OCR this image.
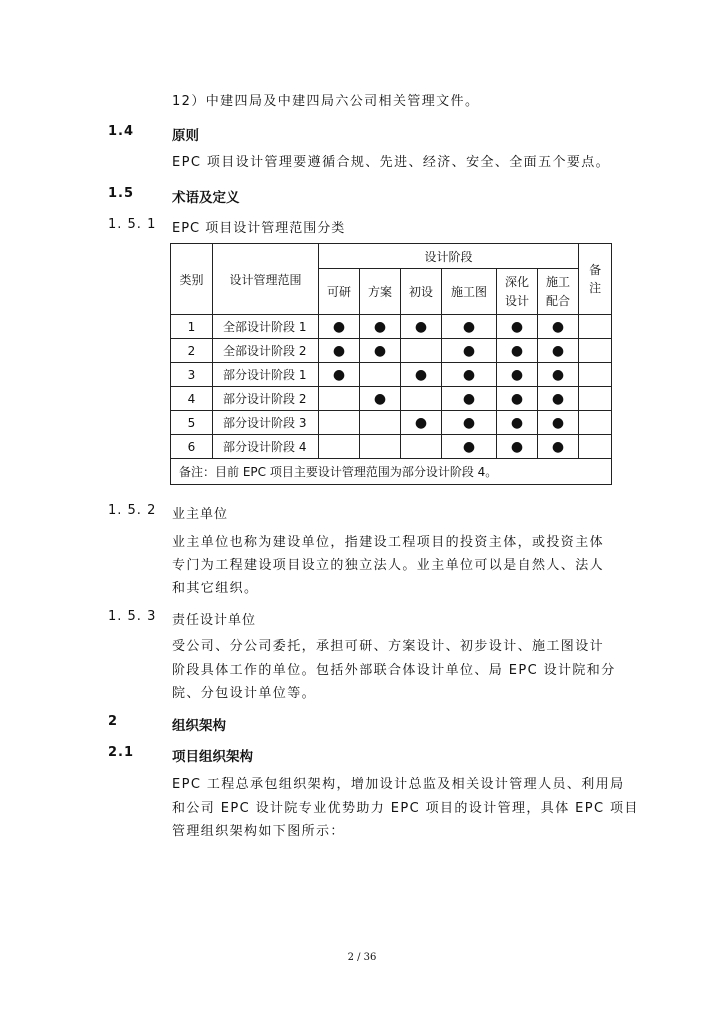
12）中建四局及中建四局六公司相关管理文件。
1.4	原则
EPC 项目设计管理要遵循合规、先进、经济、安全、全面五个要点。
1.5	术语及定义
1. 5. 1 EPC 项目设计管理范围分类
类别	设计管理范围	设计阶段						备注
		可研	方案	初设	施工图	深化设计	施工配合	
1	全部设计阶段 1	●	●	●	●	●	●	
2	全部设计阶段 2	●	●		●	●	●	
3	部分设计阶段 1	●		●	●	●	●	
4	部分设计阶段 2		●		●	●	●	
5	部分设计阶段 3			●	●	●	●	
6	部分设计阶段 4				●	●	●	
备注：目前 EPC 项目主要设计管理范围为部分设计阶段 4。								
1. 5. 2 业主单位
业主单位也称为建设单位，指建设工程项目的投资主体，或投资主体
专门为工程建设项目设立的独立法人。业主单位可以是自然人、法人
和其它组织。
1. 5. 3 责任设计单位
受公司、分公司委托，承担可研、方案设计、初步设计、施工图设计
阶段具体工作的单位。包括外部联合体设计单位、局 EPC 设计院和分
院、分包设计单位等。
2	组织架构
2.1	项目组织架构
EPC 工程总承包组织架构，增加设计总监及相关设计管理人员、利用局
和公司 EPC 设计院专业优势助力 EPC 项目的设计管理，具体 EPC 项目
管理组织架构如下图所示：
2 / 36
